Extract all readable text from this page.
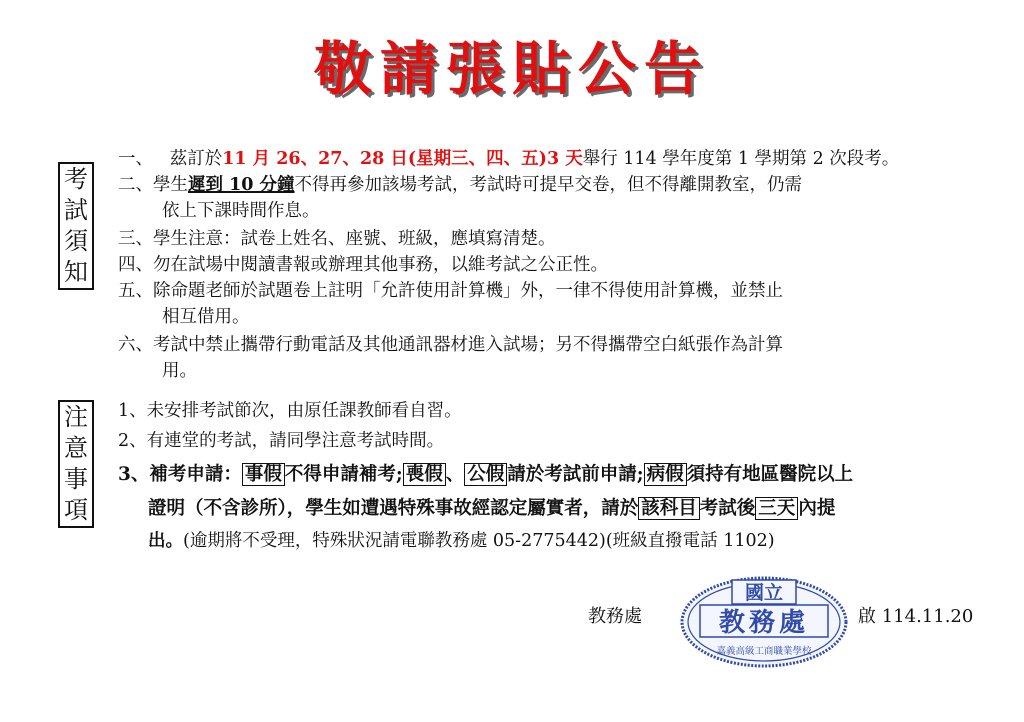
敬請張貼公告
考
試
須
知
一、 茲訂於11 月 26、27、28 日(星期三、四、五)3 天舉行 114 學年度第 1 學期第 2 次段考。
二、學生遲到 10 分鐘不得再參加該場考試，考試時可提早交卷，但不得離開教室，仍需
依上下課時間作息。
三、學生注意：試卷上姓名、座號、班級，應填寫清楚。
四、勿在試場中閱讀書報或辦理其他事務，以維考試之公正性。
五、除命題老師於試題卷上註明「允許使用計算機」外，一律不得使用計算機，並禁止
相互借用。
六、考試中禁止攜帶行動電話及其他通訊器材進入試場；另不得攜帶空白紙張作為計算
用。
注
意
事
項
1、未安排考試節次，由原任課教師看自習。
2、有連堂的考試，請同學注意考試時間。
3、補考申請： 事假 不得申請補考; 喪假 、 公假 請於考試前申請; 病假 須持有地區醫院以上
證明（不含診所），學生如遭遇特殊事故經認定屬實者，請於 該科目 考試後 三天 內提
出。(逾期將不受理，特殊狀況請電聯教務處 05-2775442)(班級直撥電話 1102)
教務處
國立
教務處
嘉義高級工商職業學校
啟 114.11.20
